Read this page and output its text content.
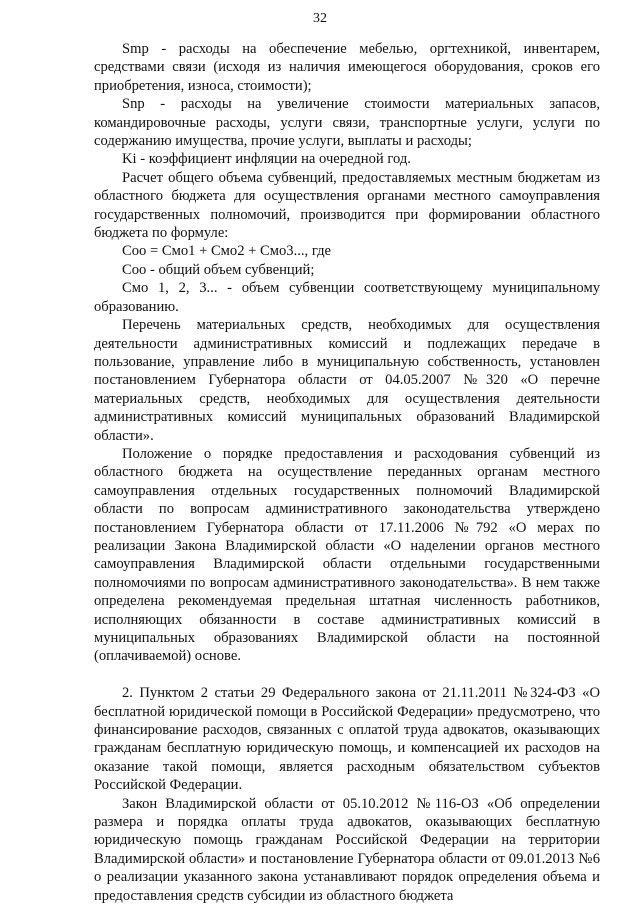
32

Smp - расходы на обеспечение мебелью, оргтехникой, инвентарем, средствами связи (исходя из наличия имеющегося оборудования, сроков его приобретения, износа, стоимости);

Snp - расходы на увеличение стоимости материальных запасов, командировочные расходы, услуги связи, транспортные услуги, услуги по содержанию имущества, прочие услуги, выплаты и расходы;

Ki - коэффициент инфляции на очередной год.

Расчет общего объема субвенций, предоставляемых местным бюджетам из областного бюджета для осуществления органами местного самоуправления государственных полномочий, производится при формировании областного бюджета по формуле:

Соо = Смо1 + Смо2 + Смо3..., где

Соо - общий объем субвенций;

Смо 1, 2, 3... - объем субвенции соответствующему муниципальному образованию.

Перечень материальных средств, необходимых для осуществления деятельности административных комиссий и подлежащих передаче в пользование, управление либо в муниципальную собственность, установлен постановлением Губернатора области от 04.05.2007 №320 «О перечне материальных средств, необходимых для осуществления деятельности административных комиссий муниципальных образований Владимирской области».

Положение о порядке предоставления и расходования субвенций из областного бюджета на осуществление переданных органам местного самоуправления отдельных государственных полномочий Владимирской области по вопросам административного законодательства утверждено постановлением Губернатора области от 17.11.2006 №792 «О мерах по реализации Закона Владимирской области «О наделении органов местного самоуправления Владимирской области отдельными государственными полномочиями по вопросам административного законодательства». В нем также определена рекомендуемая предельная штатная численность работников, исполняющих обязанности в составе административных комиссий в муниципальных образованиях Владимирской области на постоянной (оплачиваемой) основе.

2. Пунктом 2 статьи 29 Федерального закона от 21.11.2011 №324-ФЗ «О бесплатной юридической помощи в Российской Федерации» предусмотрено, что финансирование расходов, связанных с оплатой труда адвокатов, оказывающих гражданам бесплатную юридическую помощь, и компенсацией их расходов на оказание такой помощи, является расходным обязательством субъектов Российской Федерации.

Закон Владимирской области от 05.10.2012 №116-ОЗ «Об определении размера и порядка оплаты труда адвокатов, оказывающих бесплатную юридическую помощь гражданам Российской Федерации на территории Владимирской области» и постановление Губернатора области от 09.01.2013 №6 о реализации указанного закона устанавливают порядок определения объема и предоставления средств субсидии из областного бюджета
